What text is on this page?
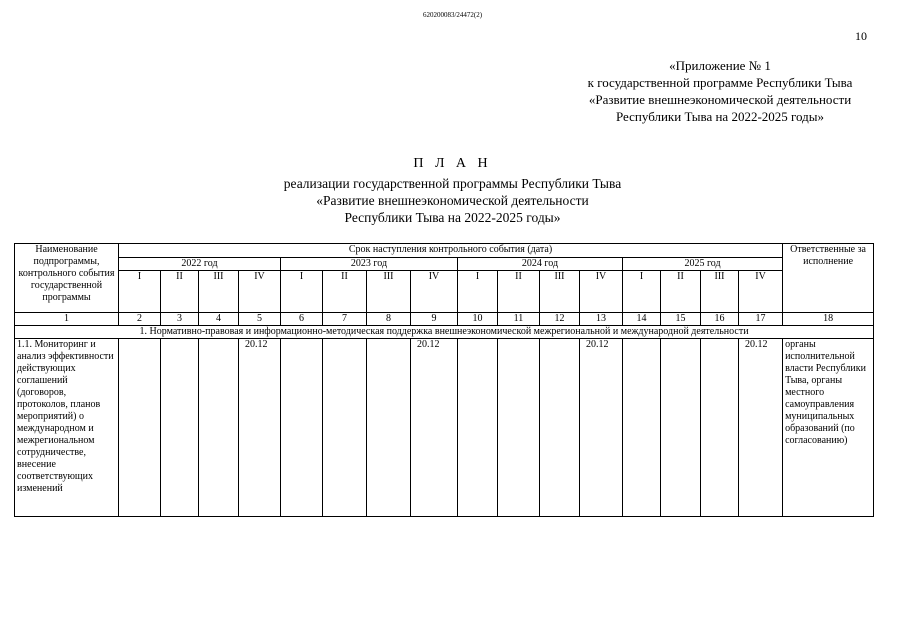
620200083/24472(2)
10
«Приложение № 1
к государственной программе Республики Тыва
«Развитие внешнеэкономической деятельности
Республики Тыва на 2022-2025 годы»
П Л А Н
реализации государственной программы Республики Тыва
«Развитие внешнеэкономической деятельности
Республики Тыва на 2022-2025 годы»
Наименование подпрограммы, контрольного события государственной программы	Срок наступления контрольного события (дата)																Ответственные за исполнение
	2022 год				2023 год				2024 год				2025 год				
	I	II	III	IV	I	II	III	IV	I	II	III	IV	I	II	III	IV	
1	2	3	4	5	6	7	8	9	10	11	12	13	14	15	16	17	18
1. Нормативно-правовая и информационно-методическая поддержка внешнеэкономической межрегиональной и международной деятельности																	
1.1. Мониторинг и анализ эффективности действующих соглашений (договоров, протоколов, планов мероприятий) о международном и межрегиональном сотрудничестве, внесение соответствующих изменений				20.12				20.12				20.12				20.12	органы исполнительной власти Республики Тыва, органы местного самоуправления муниципальных образований (по согласованию)
